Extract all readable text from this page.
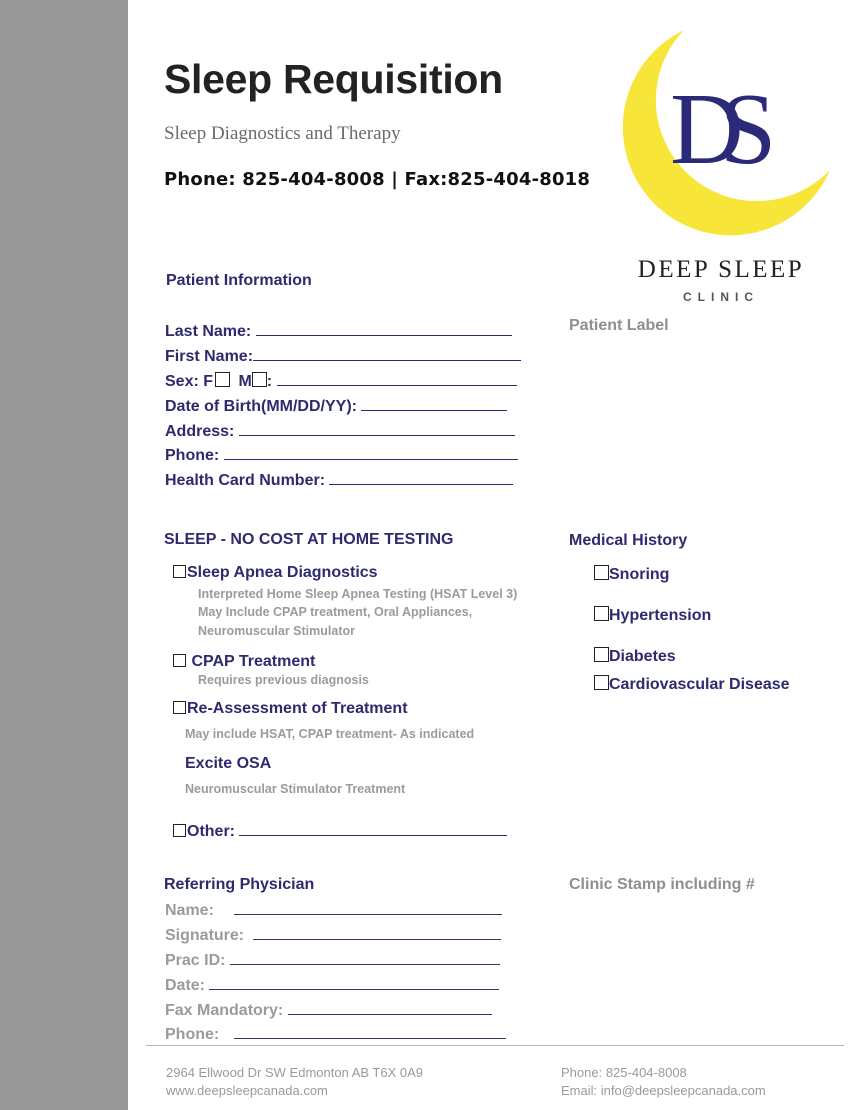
Sleep Requisition
Sleep Diagnostics and Therapy
Phone: 825-404-8008 | Fax:825-404-8018 DS
DEEP SLEEP
CLINIC
Patient Information
Patient Label
Last Name:
First Name:
Sex: F M :
Date of Birth(MM/DD/YY):
Address:
Phone:
Health Card Number:
SLEEP - NO COST AT HOME TESTING
Sleep Apnea Diagnostics
Interpreted Home Sleep Apnea Testing (HSAT Level 3)
May Include CPAP treatment, Oral Appliances,
Neuromuscular Stimulator
CPAP Treatment
Requires previous diagnosis
Re-Assessment of Treatment
May include HSAT, CPAP treatment- As indicated
Excite OSA
Neuromuscular Stimulator Treatment
Other:
Medical History
Snoring
Hypertension
Diabetes
Cardiovascular Disease
Referring Physician	Clinic Stamp including #
Name:
Signature:
Prac ID:
Date:
Fax Mandatory:
Phone:
2964 Ellwood Dr SW Edmonton AB T6X 0A9
www.deepsleepcanada.com
Phone: 825-404-8008
Email: info@deepsleepcanada.com
